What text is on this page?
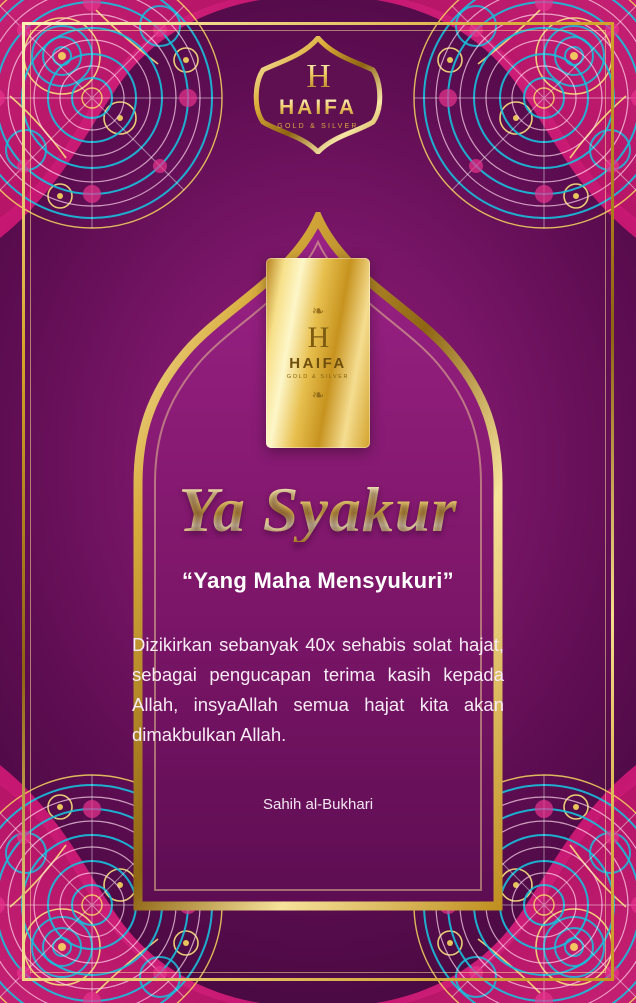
H
HAIFA
GOLD & SILVER
❧
H
HAIFA
GOLD & SILVER
❧
Ya Syakur
“Yang Maha Mensyukuri”
Dizikirkan sebanyak 40x sehabis solat hajat, sebagai pengucapan terima kasih kepada Allah, insyaAllah semua hajat kita akan dimakbulkan Allah.
Sahih al-Bukhari
